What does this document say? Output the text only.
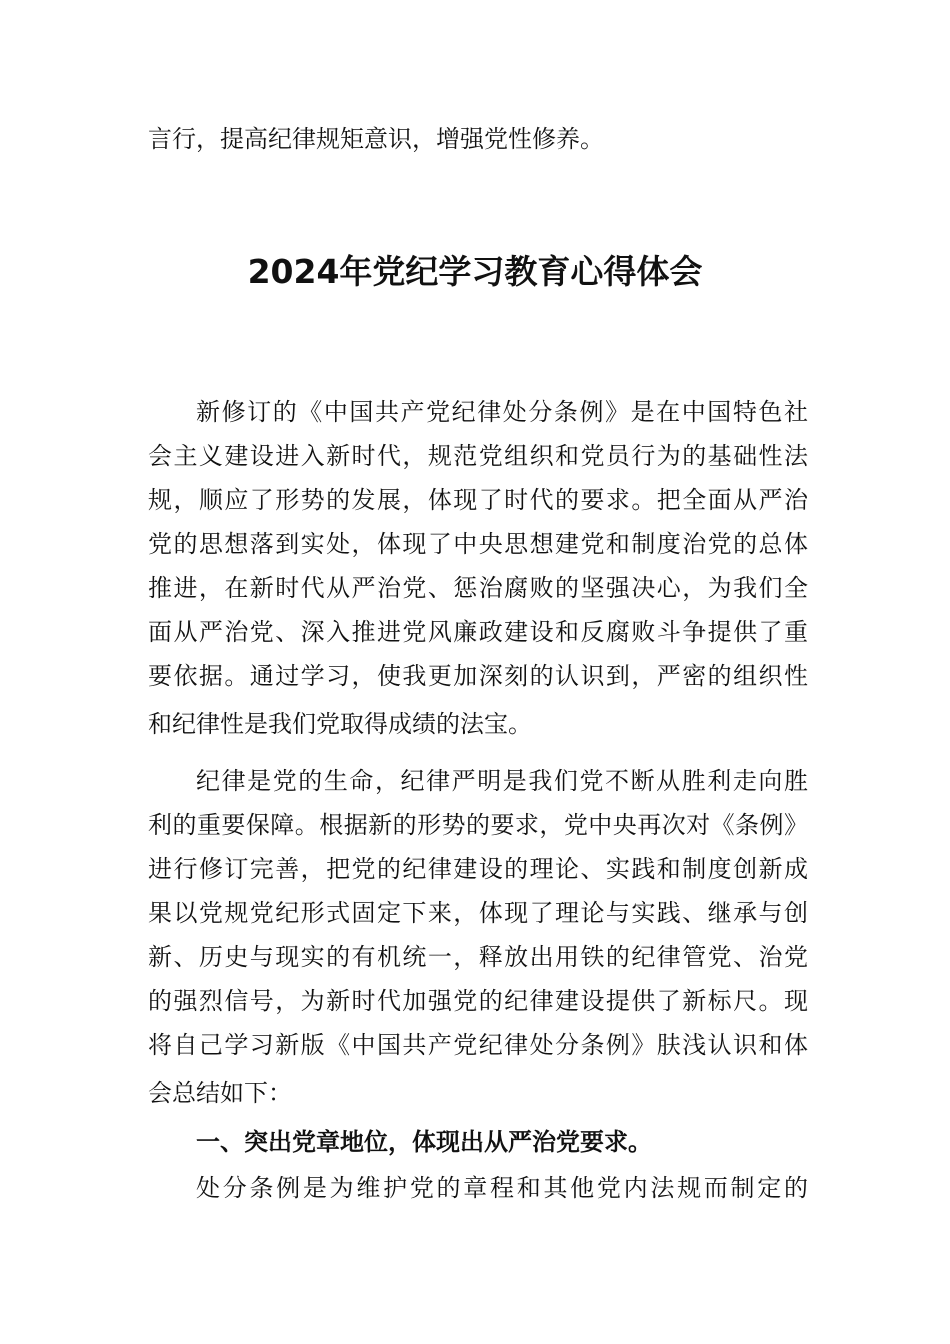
言行，提高纪律规矩意识，增强党性修养。
2024年党纪学习教育心得体会
新修订的《中国共产党纪律处分条例》是在中国特色社
会主义建设进入新时代，规范党组织和党员行为的基础性法
规，顺应了形势的发展，体现了时代的要求。把全面从严治
党的思想落到实处，体现了中央思想建党和制度治党的总体
推进，在新时代从严治党、惩治腐败的坚强决心，为我们全
面从严治党、深入推进党风廉政建设和反腐败斗争提供了重
要依据。通过学习，使我更加深刻的认识到，严密的组织性
和纪律性是我们党取得成绩的法宝。
纪律是党的生命，纪律严明是我们党不断从胜利走向胜
利的重要保障。根据新的形势的要求，党中央再次对《条例》
进行修订完善，把党的纪律建设的理论、实践和制度创新成
果以党规党纪形式固定下来，体现了理论与实践、继承与创
新、历史与现实的有机统一，释放出用铁的纪律管党、治党
的强烈信号，为新时代加强党的纪律建设提供了新标尺。现
将自己学习新版《中国共产党纪律处分条例》肤浅认识和体
会总结如下：
一、突出党章地位，体现出从严治党要求。
处分条例是为维护党的章程和其他党内法规而制定的
